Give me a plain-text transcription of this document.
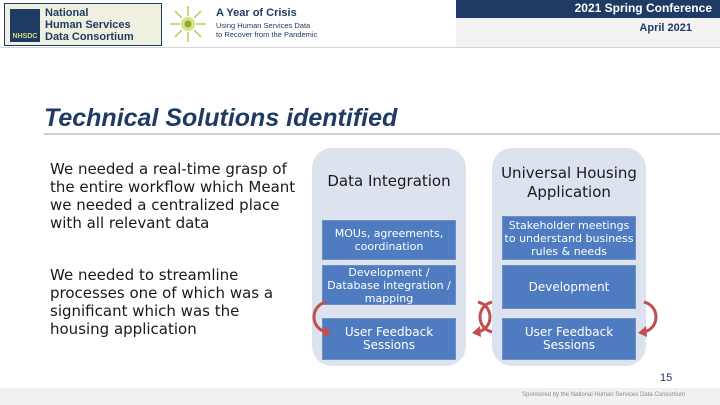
NHSDC
National
Human Services
Data Consortium
A Year of Crisis
Using Human Services Data
to Recover from the Pandemic
2021 Spring Conference
April 2021
Technical Solutions identified
We needed a real-time grasp of the entire workflow which Meant we needed a centralized place with all relevant data
We needed to streamline processes one of which was a significant which was the housing application
Data Integration
MOUs, agreements, coordination
Development / Database integration / mapping
User Feedback Sessions
Universal Housing Application
Stakeholder meetings to understand business rules & needs
Development
User Feedback Sessions
15
Sponsored by the National Human Services Data Consortium
